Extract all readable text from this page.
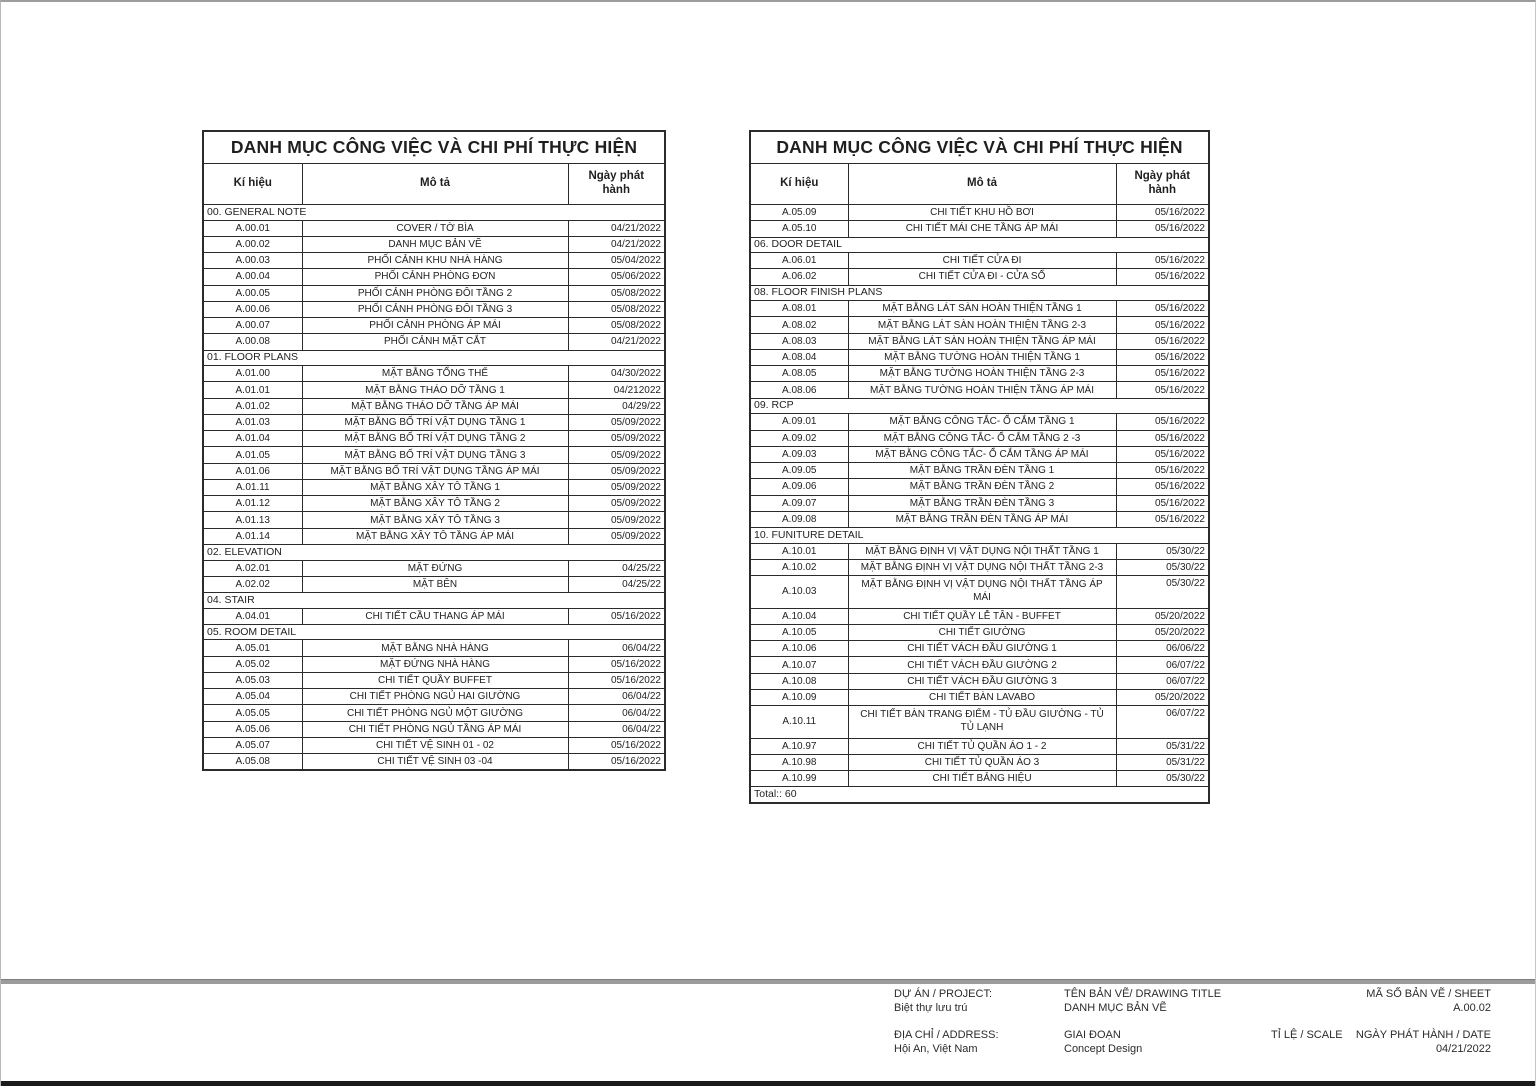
DANH MỤC CÔNG VIỆC VÀ CHI PHÍ THỰC HIỆN		
Kí hiệu	Mô tả	Ngày phát hành
00. GENERAL NOTE		
A.00.01	COVER / TỜ BÌA	04/21/2022
A.00.02	DANH MỤC BẢN VẼ	04/21/2022
A.00.03	PHỐI CẢNH KHU NHÀ HÀNG	05/04/2022
A.00.04	PHỐI CẢNH PHÒNG ĐƠN	05/06/2022
A.00.05	PHỐI CẢNH PHÒNG ĐÔI TẦNG 2	05/08/2022
A.00.06	PHỐI CẢNH PHÒNG ĐÔI TẦNG 3	05/08/2022
A.00.07	PHỐI CẢNH PHÒNG ÁP MÁI	05/08/2022
A.00.08	PHỐI CẢNH MẶT CẮT	04/21/2022
01. FLOOR PLANS		
A.01.00	MẶT BẰNG TỔNG THỂ	04/30/2022
A.01.01	MẶT BẰNG THÁO DỠ TẦNG 1	04/212022
A.01.02	MẶT BẰNG THÁO DỠ TẦNG ÁP MÁI	04/29/22
A.01.03	MẶT BẰNG BỐ TRÍ VẬT DỤNG TẦNG 1	05/09/2022
A.01.04	MẶT BẰNG BỐ TRÍ VẬT DỤNG TẦNG 2	05/09/2022
A.01.05	MẶT BẰNG BỐ TRÍ VẬT DỤNG TẦNG 3	05/09/2022
A.01.06	MẶT BẰNG BỐ TRÍ VẬT DỤNG TẦNG ÁP MÁI	05/09/2022
A.01.11	MẶT BẰNG XÂY TÔ TẦNG 1	05/09/2022
A.01.12	MẶT BẰNG XÂY TÔ TẦNG 2	05/09/2022
A.01.13	MẶT BẰNG XÂY TÔ TẦNG 3	05/09/2022
A.01.14	MẶT BẰNG XÂY TÔ TẦNG ÁP MÁI	05/09/2022
02. ELEVATION		
A.02.01	MẶT ĐỨNG	04/25/22
A.02.02	MẶT BÊN	04/25/22
04. STAIR		
A.04.01	CHI TIẾT CẦU THANG ÁP MÁI	05/16/2022
05. ROOM DETAIL		
A.05.01	MẶT BẰNG NHÀ HÀNG	06/04/22
A.05.02	MẶT ĐỨNG NHÀ HÀNG	05/16/2022
A.05.03	CHI TIẾT QUẦY BUFFET	05/16/2022
A.05.04	CHI TIẾT PHÒNG NGỦ HAI GIƯỜNG	06/04/22
A.05.05	CHI TIẾT PHÒNG NGỦ MỘT GIƯỜNG	06/04/22
A.05.06	CHI TIẾT PHÒNG NGỦ TẦNG ÁP MÁI	06/04/22
A.05.07	CHI TIẾT VỆ SINH 01 - 02	05/16/2022
A.05.08	CHI TIẾT VỆ SINH 03 -04	05/16/2022
DANH MỤC CÔNG VIỆC VÀ CHI PHÍ THỰC HIỆN		
Kí hiệu	Mô tả	Ngày phát hành
A.05.09	CHI TIẾT KHU HỒ BƠI	05/16/2022
A.05.10	CHI TIẾT MÁI CHE TẦNG ÁP MÁI	05/16/2022
06. DOOR DETAIL		
A.06.01	CHI TIẾT CỬA ĐI	05/16/2022
A.06.02	CHI TIẾT CỬA ĐI - CỬA SỔ	05/16/2022
08. FLOOR FINISH PLANS		
A.08.01	MẶT BẰNG LÁT SÀN HOÀN THIỆN TẦNG 1	05/16/2022
A.08.02	MẶT BẰNG LÁT SÀN HOÀN THIỆN TẦNG 2-3	05/16/2022
A.08.03	MẶT BẰNG LÁT SÀN HOÀN THIỆN TẦNG ÁP MÁI	05/16/2022
A.08.04	MẶT BẰNG TƯỜNG HOÀN THIỆN TẦNG 1	05/16/2022
A.08.05	MẶT BẰNG TƯỜNG HOÀN THIỆN TẦNG 2-3	05/16/2022
A.08.06	MẶT BẰNG TƯỜNG HOÀN THIỆN TẦNG ÁP MÁI	05/16/2022
09. RCP		
A.09.01	MẶT BẰNG CÔNG TẮC- Ổ CẮM TẦNG 1	05/16/2022
A.09.02	MẶT BẰNG CÔNG TẮC- Ổ CẮM TẦNG 2 -3	05/16/2022
A.09.03	MẶT BẰNG CÔNG TẮC- Ổ CẮM TẦNG ÁP MÁI	05/16/2022
A.09.05	MẶT BẰNG TRẦN ĐÈN TẦNG 1	05/16/2022
A.09.06	MẶT BẰNG TRẦN ĐÈN TẦNG 2	05/16/2022
A.09.07	MẶT BẰNG TRẦN ĐÈN TẦNG 3	05/16/2022
A.09.08	MẶT BẰNG TRẦN ĐÈN TẦNG ÁP MÁI	05/16/2022
10. FUNITURE DETAIL		
A.10.01	MẶT BẰNG ĐỊNH VỊ VẬT DỤNG NỘI THẤT TẦNG 1	05/30/22
A.10.02	MẶT BẰNG ĐỊNH VỊ VẬT DỤNG NỘI THẤT TẦNG 2-3	05/30/22
A.10.03	MẶT BẰNG ĐỊNH VỊ VẬT DỤNG NỘI THẤT TẦNG ÁP MÁI	05/30/22
A.10.04	CHI TIẾT QUẦY LỄ TÂN - BUFFET	05/20/2022
A.10.05	CHI TIẾT GIƯỜNG	05/20/2022
A.10.06	CHI TIẾT VÁCH ĐẦU GIƯỜNG 1	06/06/22
A.10.07	CHI TIẾT VÁCH ĐẦU GIƯỜNG 2	06/07/22
A.10.08	CHI TIẾT VÁCH ĐẦU GIƯỜNG 3	06/07/22
A.10.09	CHI TIẾT BÀN LAVABO	05/20/2022
A.10.11	CHI TIẾT BÀN TRANG ĐIỂM - TỦ ĐẦU GIƯỜNG - TỦ TỦ LẠNH	06/07/22
A.10.97	CHI TIẾT TỦ QUẦN ÁO 1 - 2	05/31/22
A.10.98	CHI TIẾT TỦ QUẦN ÁO 3	05/31/22
A.10.99	CHI TIẾT BẢNG HIỆU	05/30/22
Total:: 60		
DỰ ÁN / PROJECT:
Biệt thự lưu trú
ĐỊA CHỈ / ADDRESS:
Hội An, Việt Nam
TÊN BẢN VẼ/ DRAWING TITLE
DANH MỤC BẢN VẼ
GIAI ĐOẠN
Concept Design
TỈ LỆ / SCALE
MÃ SỐ BẢN VẼ / SHEET
A.00.02
NGÀY PHÁT HÀNH / DATE
04/21/2022
